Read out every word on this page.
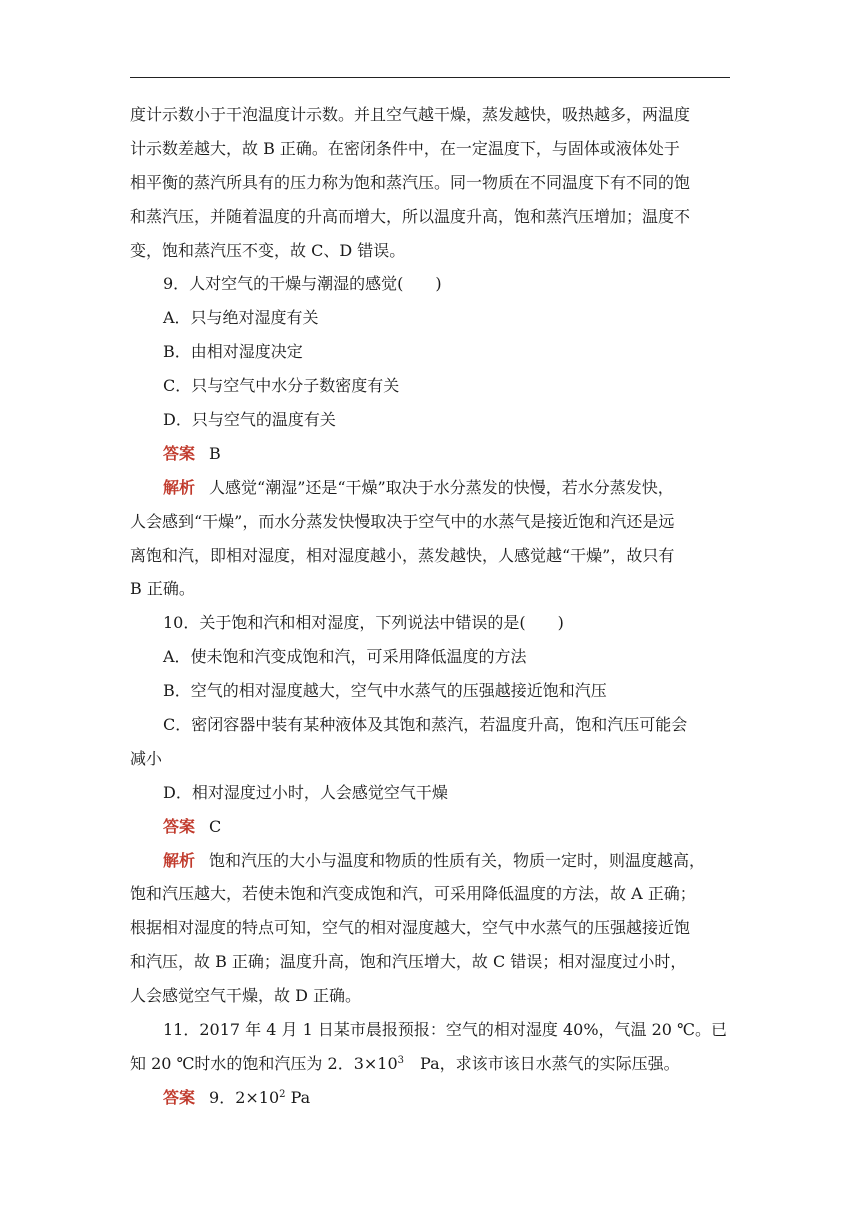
度计示数小于干泡温度计示数。并且空气越干燥，蒸发越快，吸热越多，两温度
计示数差越大，故 B 正确。在密闭条件中，在一定温度下，与固体或液体处于
相平衡的蒸汽所具有的压力称为饱和蒸汽压。同一物质在不同温度下有不同的饱
和蒸汽压，并随着温度的升高而增大，所以温度升高，饱和蒸汽压增加；温度不
变，饱和蒸汽压不变，故 C、D 错误。
9．人对空气的干燥与潮湿的感觉(　　)
A．只与绝对湿度有关
B．由相对湿度决定
C．只与空气中水分子数密度有关
D．只与空气的温度有关
答案 B
解析 人感觉“潮湿”还是“干燥”取决于水分蒸发的快慢，若水分蒸发快，
人会感到“干燥”，而水分蒸发快慢取决于空气中的水蒸气是接近饱和汽还是远
离饱和汽，即相对湿度，相对湿度越小，蒸发越快，人感觉越“干燥”，故只有
B 正确。
10．关于饱和汽和相对湿度，下列说法中错误的是(　　)
A．使未饱和汽变成饱和汽，可采用降低温度的方法
B．空气的相对湿度越大，空气中水蒸气的压强越接近饱和汽压
C．密闭容器中装有某种液体及其饱和蒸汽，若温度升高，饱和汽压可能会
减小
D．相对湿度过小时，人会感觉空气干燥
答案 C
解析 饱和汽压的大小与温度和物质的性质有关，物质一定时，则温度越高，
饱和汽压越大，若使未饱和汽变成饱和汽，可采用降低温度的方法，故 A 正确；
根据相对湿度的特点可知，空气的相对湿度越大，空气中水蒸气的压强越接近饱
和汽压，故 B 正确；温度升高，饱和汽压增大，故 C 错误；相对湿度过小时，
人会感觉空气干燥，故 D 正确。
11．2017 年 4 月 1 日某市晨报预报：空气的相对湿度 40%，气温 20 ℃。已
知 20 ℃时水的饱和汽压为 2．$3\times 10^3$　Pa，求该市该日水蒸气的实际压强。
答案 9．$2\times 10^2$ Pa
